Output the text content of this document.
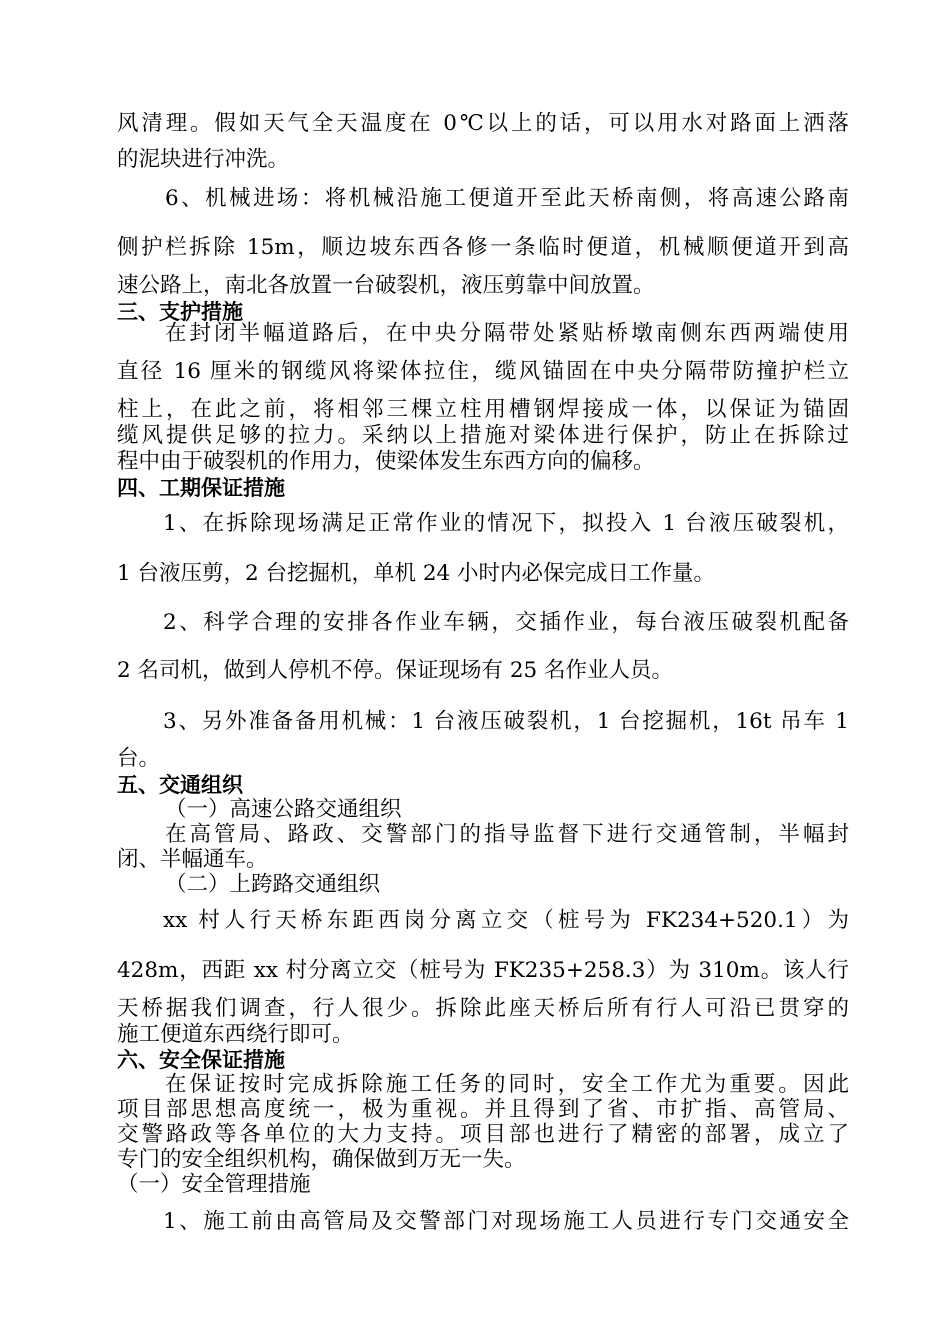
风清理。假如天气全天温度在 0℃以上的话，可以用水对路面上洒落
的泥块进行冲洗。
6、机械进场：将机械沿施工便道开至此天桥南侧，将高速公路南
侧护栏拆除 15m，顺边坡东西各修一条临时便道，机械顺便道开到高
速公路上，南北各放置一台破裂机，液压剪靠中间放置。
三、支护措施
在封闭半幅道路后，在中央分隔带处紧贴桥墩南侧东西两端使用
直径 16 厘米的钢缆风将梁体拉住，缆风锚固在中央分隔带防撞护栏立
柱上，在此之前，将相邻三棵立柱用槽钢焊接成一体，以保证为锚固
缆风提供足够的拉力。采纳以上措施对梁体进行保护，防止在拆除过
程中由于破裂机的作用力，使梁体发生东西方向的偏移。
四、工期保证措施
1、在拆除现场满足正常作业的情况下，拟投入 1 台液压破裂机，
1 台液压剪，2 台挖掘机，单机 24 小时内必保完成日工作量。
2、科学合理的安排各作业车辆，交插作业，每台液压破裂机配备
2 名司机，做到人停机不停。保证现场有 25 名作业人员。
3、另外准备备用机械：1 台液压破裂机，1 台挖掘机，16t 吊车 1
台。
五、交通组织
（一）高速公路交通组织
在高管局、路政、交警部门的指导监督下进行交通管制，半幅封
闭、半幅通车。
（二）上跨路交通组织
xx 村人行天桥东距西岗分离立交（桩号为 FK234+520.1）为
428m，西距 xx 村分离立交（桩号为 FK235+258.3）为 310m。该人行
天桥据我们调查，行人很少。拆除此座天桥后所有行人可沿已贯穿的
施工便道东西绕行即可。
六、安全保证措施
在保证按时完成拆除施工任务的同时，安全工作尤为重要。因此
项目部思想高度统一，极为重视。并且得到了省、市扩指、高管局、
交警路政等各单位的大力支持。项目部也进行了精密的部署，成立了
专门的安全组织机构，确保做到万无一失。
（一）安全管理措施
1、施工前由高管局及交警部门对现场施工人员进行专门交通安全
